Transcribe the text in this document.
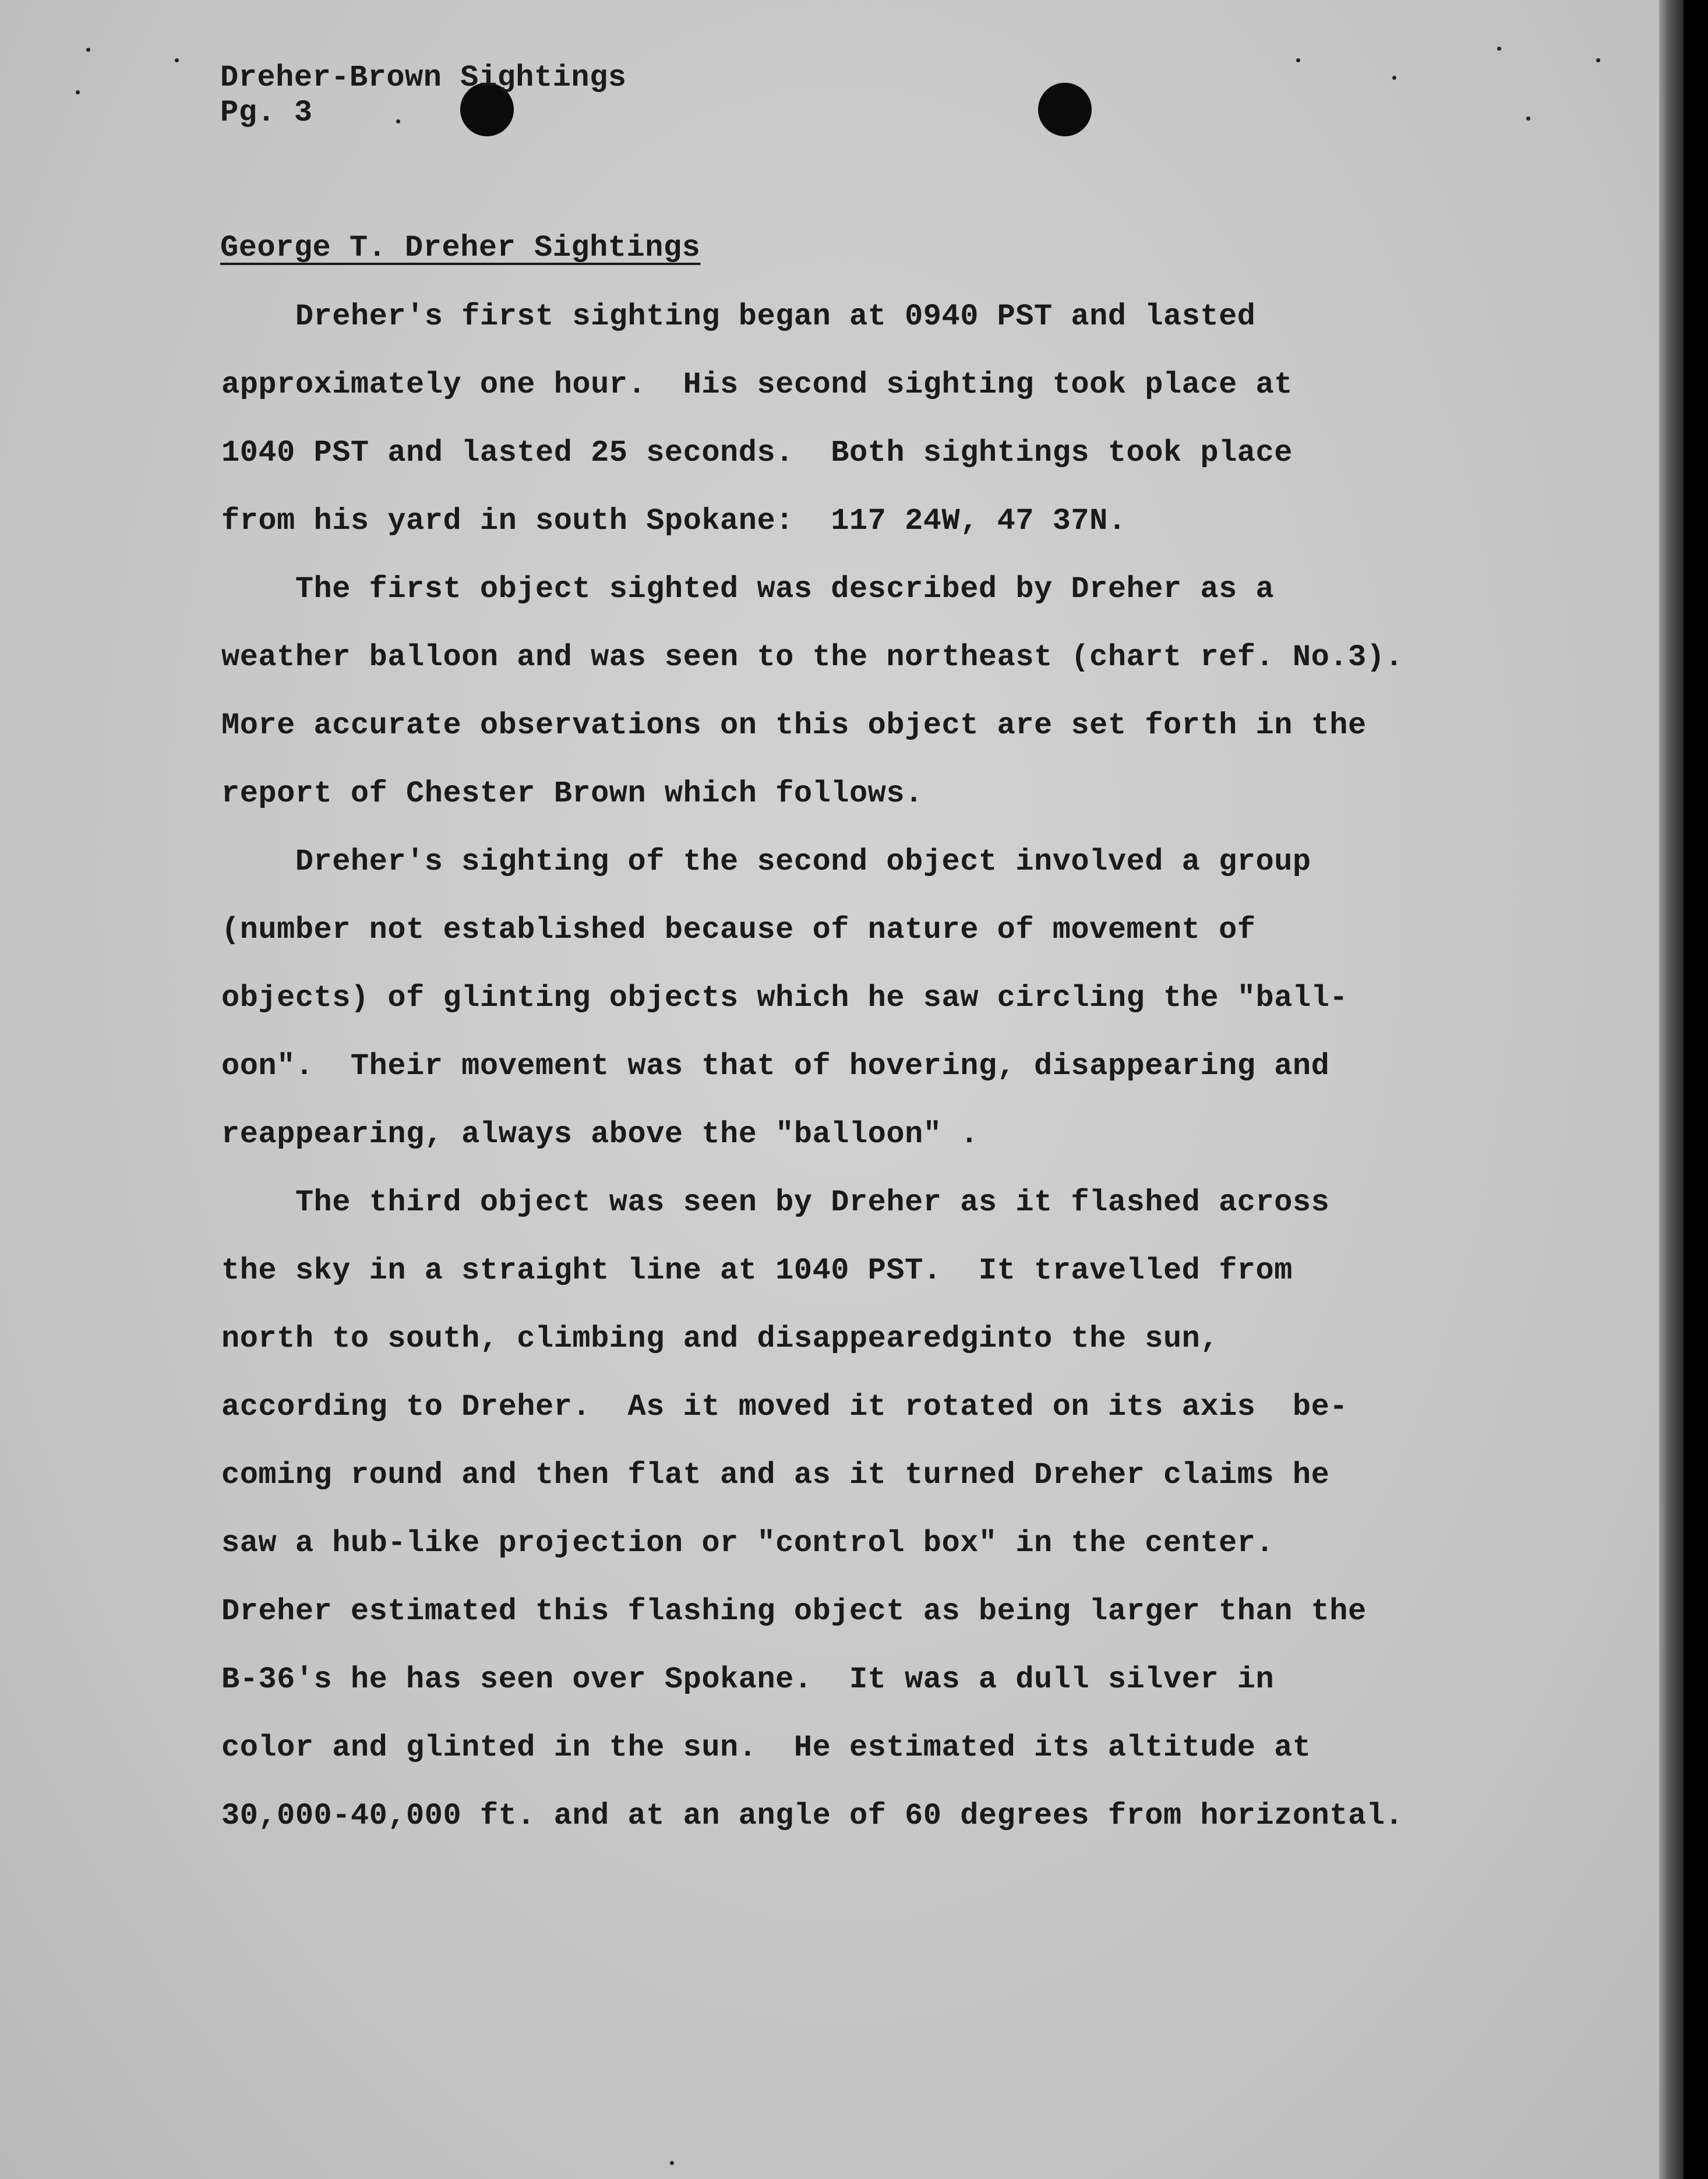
Dreher-Brown Sightings
Pg. 3
George T. Dreher Sightings
Dreher's first sighting began at 0940 PST and lasted
approximately one hour.  His second sighting took place at
1040 PST and lasted 25 seconds.  Both sightings took place
from his yard in south Spokane:  117 24W, 47 37N.
The first object sighted was described by Dreher as a
weather balloon and was seen to the northeast (chart ref. No.3).
More accurate observations on this object are set forth in the
report of Chester Brown which follows.
Dreher's sighting of the second object involved a group
(number not established because of nature of movement of
objects) of glinting objects which he saw circling the "ball-
oon".  Their movement was that of hovering, disappearing and
reappearing, always above the "balloon" .
The third object was seen by Dreher as it flashed across
the sky in a straight line at 1040 PST.  It travelled from
north to south, climbing and disappearedginto the sun,
according to Dreher.  As it moved it rotated on its axis  be-
coming round and then flat and as it turned Dreher claims he
saw a hub-like projection or "control box" in the center.
Dreher estimated this flashing object as being larger than the
B-36's he has seen over Spokane.  It was a dull silver in
color and glinted in the sun.  He estimated its altitude at
30,000-40,000 ft. and at an angle of 60 degrees from horizontal.
